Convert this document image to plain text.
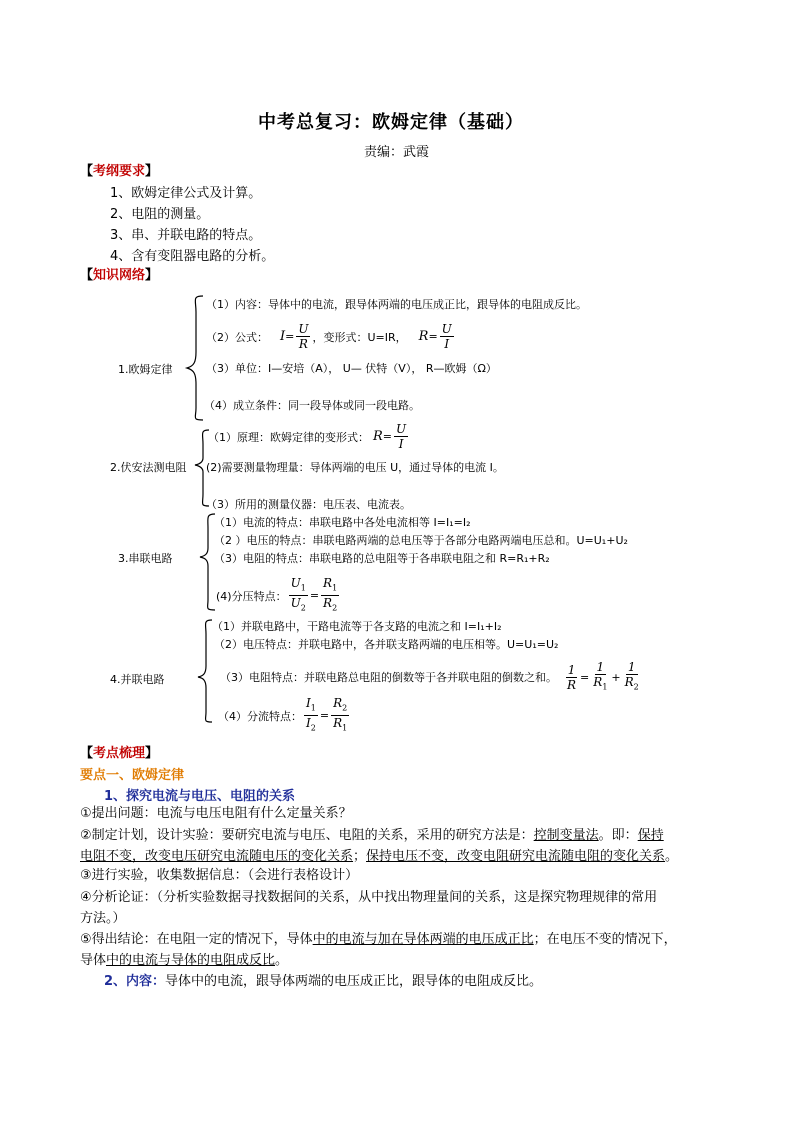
中考总复习：欧姆定律（基础）
责编：武霞
【考纲要求】
1、欧姆定律公式及计算。
2、电阻的测量。
3、串、并联电路的特点。
4、含有变阻器电路的分析。
【知识网络】
1.欧姆定律
（1）内容：导体中的电流，跟导体两端的电压成正比，跟导体的电阻成反比。
（2）公式： $I = \frac{U}{R}$ ，变形式：U=IR， $R = \frac{U}{I}$
（3）单位：I—安培（A）， U— 伏特（V）， R—欧姆（Ω）
（4）成立条件：同一段导体或同一段电路。
2.伏安法测电阻
（1）原理：欧姆定律的变形式： $R = \frac{U}{I}$
(2)需要测量物理量：导体两端的电压 U，通过导体的电流 I。
（3）所用的测量仪器：电压表、电流表。
3.串联电路
（1）电流的特点：串联电路中各处电流相等 I=I₁=I₂
（2 ）电压的特点：串联电路两端的总电压等于各部分电路两端电压总和。U=U₁+U₂
（3）电阻的特点：串联电路的总电阻等于各串联电阻之和 R=R₁+R₂
(4)分压特点： $\frac{U_1}{U_2} = \frac{R_1}{R_2}$
4.并联电路
（1）并联电路中，干路电流等于各支路的电流之和 I=I₁+I₂
（2）电压特点：并联电路中，各并联支路两端的电压相等。U=U₁=U₂
（3）电阻特点：并联电路总电阻的倒数等于各并联电阻的倒数之和。 $\frac{1}{R} = \frac{1}{R_1} + \frac{1}{R_2}$
（4）分流特点： $\frac{I_1}{I_2} = \frac{R_2}{R_1}$
【考点梳理】
要点一、欧姆定律
1、探究电流与电压、电阻的关系
①提出问题：电流与电压电阻有什么定量关系？
②制定计划，设计实验：要研究电流与电压、电阻的关系，采用的研究方法是：控制变量法。即：保持
电阻不变，改变电压研究电流随电压的变化关系；保持电压不变，改变电阻研究电流随电阻的变化关系。
③进行实验，收集数据信息：（会进行表格设计）
④分析论证：（分析实验数据寻找数据间的关系，从中找出物理量间的关系，这是探究物理规律的常用
方法。）
⑤得出结论：在电阻一定的情况下，导体中的电流与加在导体两端的电压成正比；在电压不变的情况下，
导体中的电流与导体的电阻成反比。
2、内容：导体中的电流，跟导体两端的电压成正比，跟导体的电阻成反比。
